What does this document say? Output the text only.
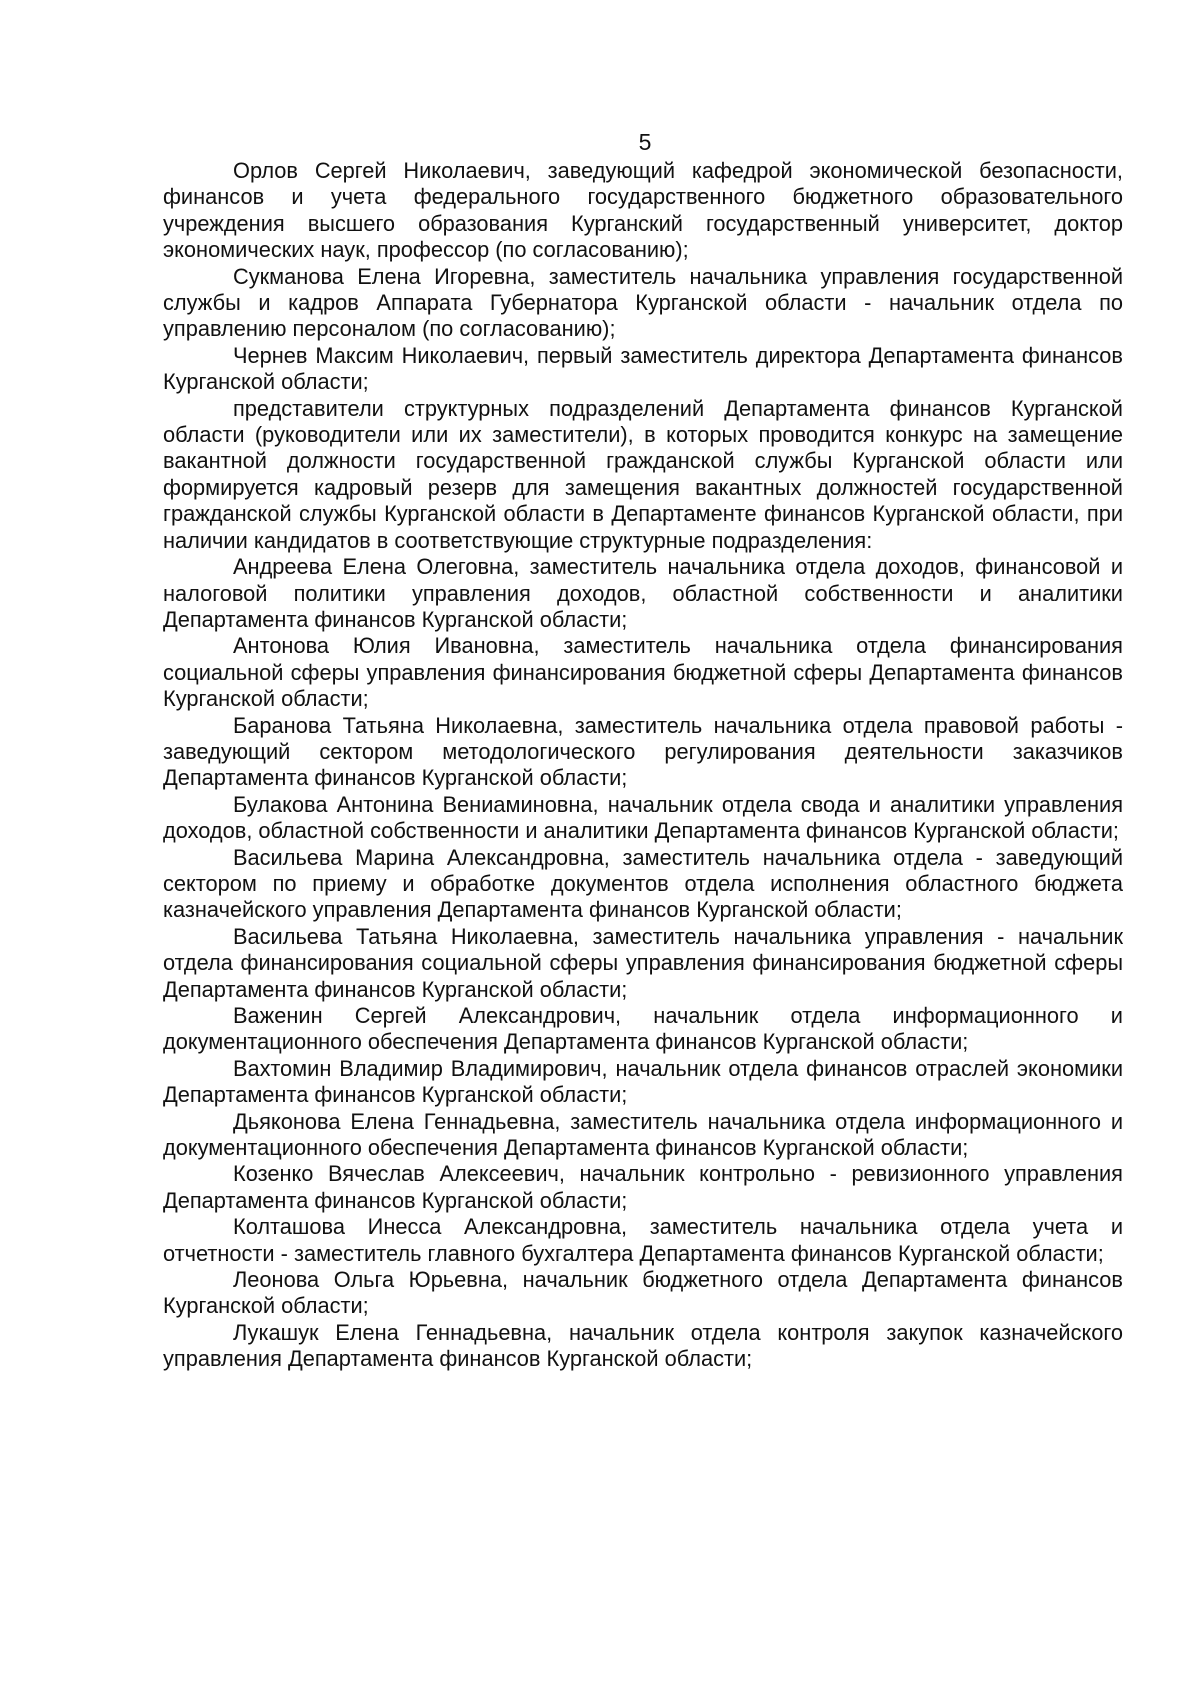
5

Орлов Сергей Николаевич, заведующий кафедрой экономической безопасности, финансов и учета федерального государственного бюджетного образовательного учреждения высшего образования Курганский государственный университет, доктор экономических наук, профессор (по согласованию);

Сукманова Елена Игоревна, заместитель начальника управления государственной службы и кадров Аппарата Губернатора Курганской области - начальник отдела по управлению персоналом (по согласованию);

Чернев Максим Николаевич, первый заместитель директора Департамента финансов Курганской области;

представители структурных подразделений Департамента финансов Курганской области (руководители или их заместители), в которых проводится конкурс на замещение вакантной должности государственной гражданской службы Курганской области или формируется кадровый резерв для замещения вакантных должностей государственной гражданской службы Курганской области в Департаменте финансов Курганской области, при наличии кандидатов в соответствующие структурные подразделения:

Андреева Елена Олеговна, заместитель начальника отдела доходов, финансовой и налоговой политики управления доходов, областной собственности и аналитики Департамента финансов Курганской области;

Антонова Юлия Ивановна, заместитель начальника отдела финансирования социальной сферы управления финансирования бюджетной сферы Департамента финансов Курганской области;

Баранова Татьяна Николаевна, заместитель начальника отдела правовой работы - заведующий сектором методологического регулирования деятельности заказчиков Департамента финансов Курганской области;

Булакова Антонина Вениаминовна, начальник отдела свода и аналитики управления доходов, областной собственности и аналитики Департамента финансов Курганской области;

Васильева Марина Александровна, заместитель начальника отдела - заведующий сектором по приему и обработке документов отдела исполнения областного бюджета казначейского управления Департамента финансов Курганской области;

Васильева Татьяна Николаевна, заместитель начальника управления - начальник отдела финансирования социальной сферы управления финансирования бюджетной сферы Департамента финансов Курганской области;

Важенин Сергей Александрович, начальник отдела информационного и документационного обеспечения Департамента финансов Курганской области;

Вахтомин Владимир Владимирович, начальник отдела финансов отраслей экономики Департамента финансов Курганской области;

Дьяконова Елена Геннадьевна, заместитель начальника отдела информационного и документационного обеспечения Департамента финансов Курганской области;

Козенко Вячеслав Алексеевич, начальник контрольно - ревизионного управления Департамента финансов Курганской области;

Колташова Инесса Александровна, заместитель начальника отдела учета и отчетности - заместитель главного бухгалтера Департамента финансов Курганской области;

Леонова Ольга Юрьевна, начальник бюджетного отдела Департамента финансов Курганской области;

Лукашук Елена Геннадьевна, начальник отдела контроля закупок казначейского управления Департамента финансов Курганской области;
